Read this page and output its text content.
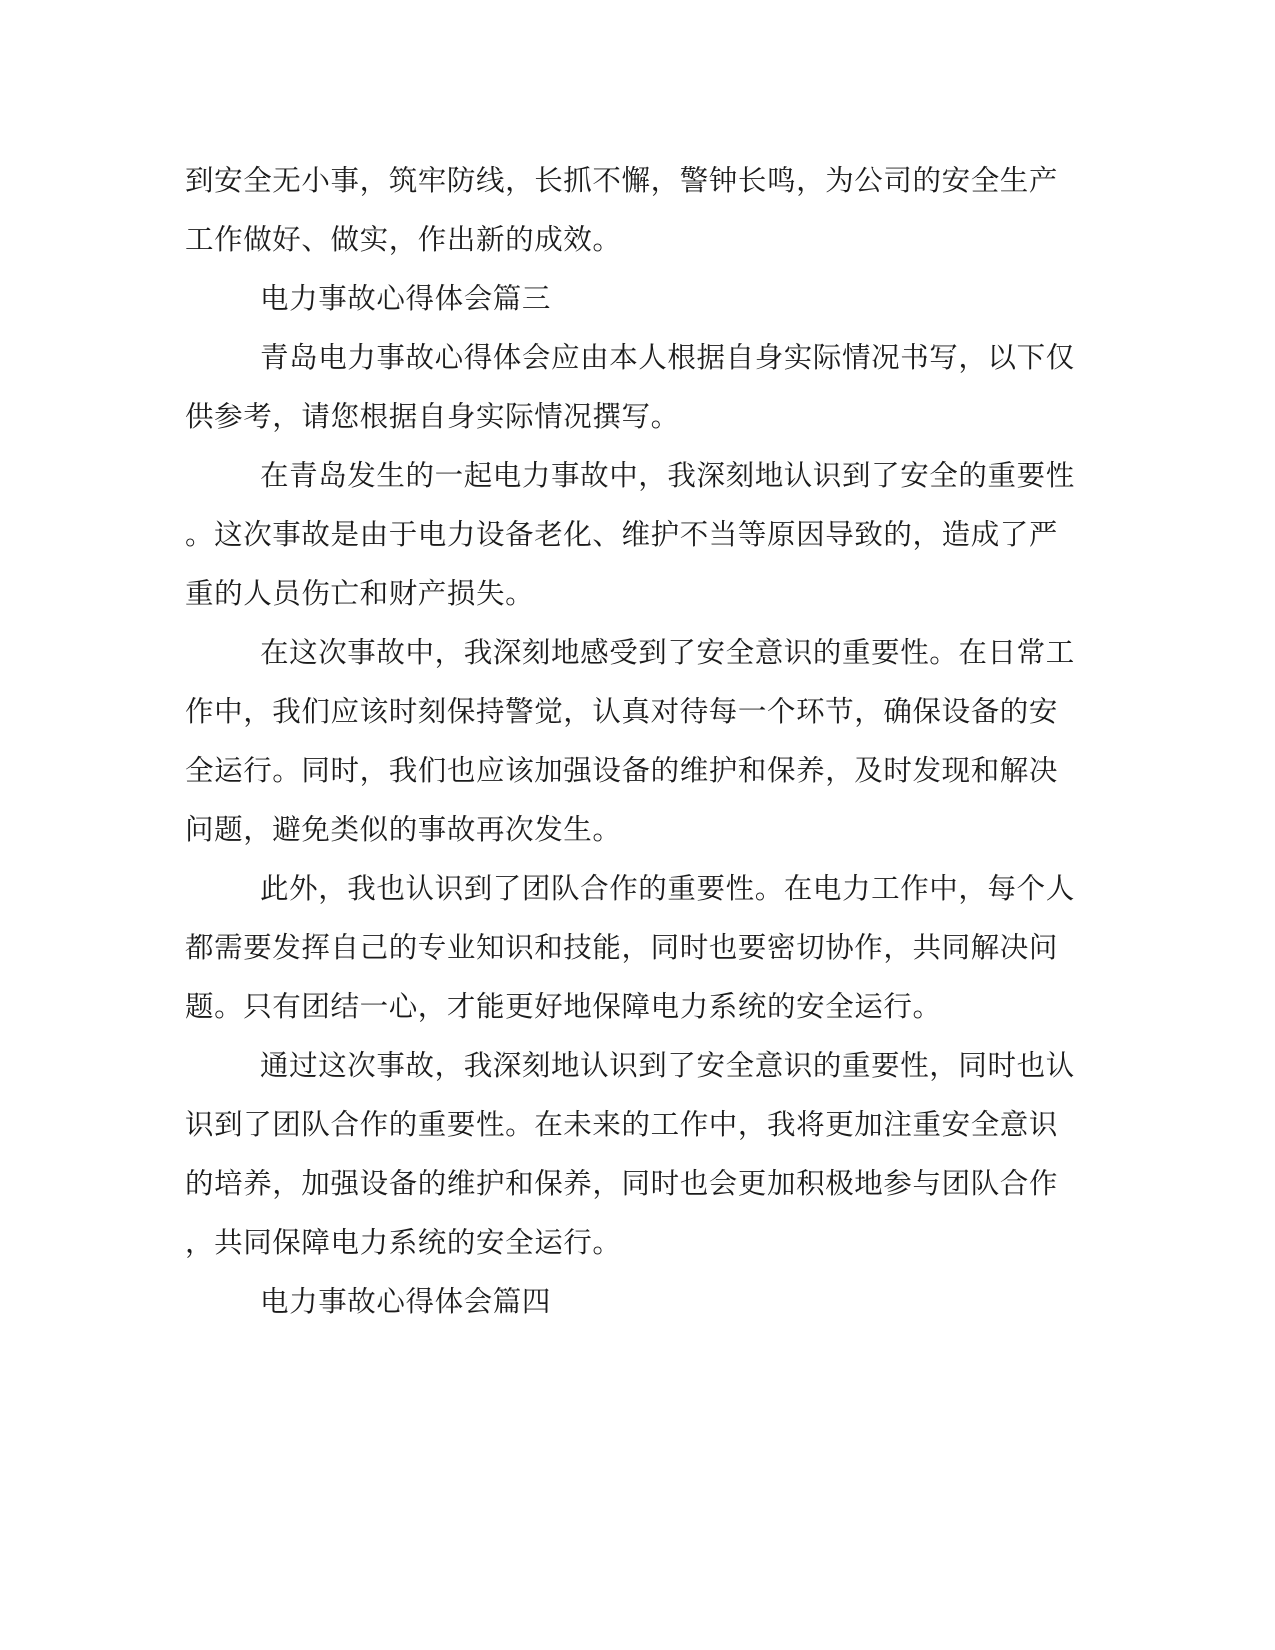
到安全无小事，筑牢防线，长抓不懈，警钟长鸣，为公司的安全生产
工作做好、做实，作出新的成效。
电力事故心得体会篇三
青岛电力事故心得体会应由本人根据自身实际情况书写，以下仅
供参考，请您根据自身实际情况撰写。
在青岛发生的一起电力事故中，我深刻地认识到了安全的重要性
。这次事故是由于电力设备老化、维护不当等原因导致的，造成了严
重的人员伤亡和财产损失。
在这次事故中，我深刻地感受到了安全意识的重要性。在日常工
作中，我们应该时刻保持警觉，认真对待每一个环节，确保设备的安
全运行。同时，我们也应该加强设备的维护和保养，及时发现和解决
问题，避免类似的事故再次发生。
此外，我也认识到了团队合作的重要性。在电力工作中，每个人
都需要发挥自己的专业知识和技能，同时也要密切协作，共同解决问
题。只有团结一心，才能更好地保障电力系统的安全运行。
通过这次事故，我深刻地认识到了安全意识的重要性，同时也认
识到了团队合作的重要性。在未来的工作中，我将更加注重安全意识
的培养，加强设备的维护和保养，同时也会更加积极地参与团队合作
，共同保障电力系统的安全运行。
电力事故心得体会篇四
